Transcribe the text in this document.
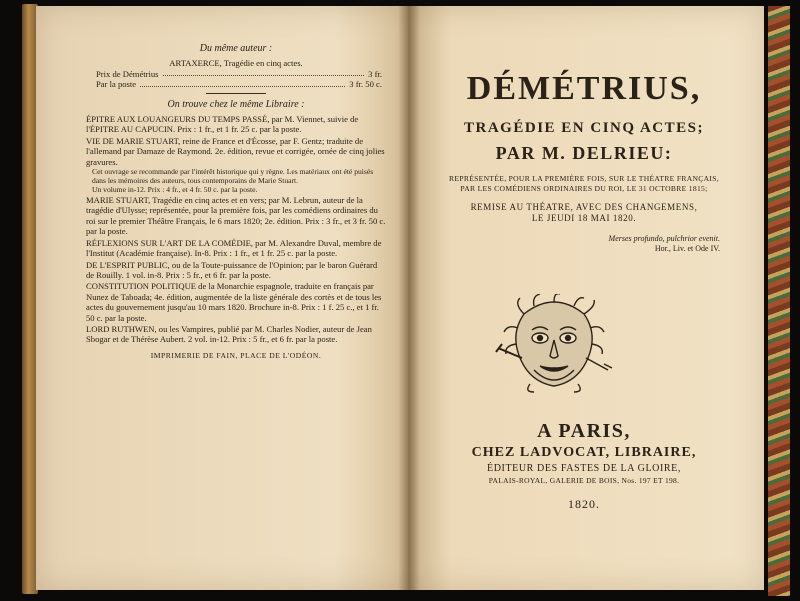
Du même auteur :
ARTAXERCE, Tragédie en cinq actes.
Prix de Démétrius	3 fr.
Par la poste	3 fr. 50 c.
On trouve chez le même Libraire :
ÉPITRE AUX LOUANGEURS DU TEMPS PASSÉ, par M. Viennet, suivie de l'ÉPITRE AU CAPUCIN. Prix : 1 fr., et 1 fr. 25 c. par la poste.
VIE DE MARIE STUART, reine de France et d'Écosse, par F. Gentz; traduite de l'allemand par Damaze de Raymond. 2e. édition, revue et corrigée, ornée de cinq jolies gravures.
Cet ouvrage se recommande par l'intérêt historique qui y règne. Les matériaux ont été puisés dans les mémoires des auteurs, tous contemporains de Marie Stuart.
Un volume in-12. Prix : 4 fr., et 4 fr. 50 c. par la poste.
MARIE STUART, Tragédie en cinq actes et en vers; par M. Lebrun, auteur de la tragédie d'Ulysse; représentée, pour la première fois, par les comédiens ordinaires du roi sur le premier Théâtre Français, le 6 mars 1820; 2e. édition. Prix : 3 fr., et 3 fr. 50 c. par la poste.
RÉFLEXIONS SUR L'ART DE LA COMÉDIE, par M. Alexandre Duval, membre de l'Institut (Académie française). In-8. Prix : 1 fr., et 1 fr. 25 c. par la poste.
DE L'ESPRIT PUBLIC, ou de la Toute-puissance de l'Opinion; par le baron Guérard de Rouilly. 1 vol. in-8. Prix : 5 fr., et 6 fr. par la poste.
CONSTITUTION POLITIQUE de la Monarchie espagnole, traduite en français par Nunez de Taboada; 4e. édition, augmentée de la liste générale des cortès et de tous les actes du gouvernement jusqu'au 10 mars 1820. Brochure in-8. Prix : 1 f. 25 c., et 1 fr. 50 c. par la poste.
LORD RUTHWEN, ou les Vampires, publié par M. Charles Nodier, auteur de Jean Sbogar et de Thérèse Aubert. 2 vol. in-12. Prix : 5 fr., et 6 fr. par la poste.
IMPRIMERIE DE FAIN, PLACE DE L'ODÉON.
DÉMÉTRIUS,
TRAGÉDIE EN CINQ ACTES;
PAR M. DELRIEU:
REPRÉSENTÉE, POUR LA PREMIÈRE FOIS, SUR LE THÉATRE FRANÇAIS,
PAR LES COMÉDIENS ORDINAIRES DU ROI, LE 31 OCTOBRE 1815;
REMISE AU THÉATRE, AVEC DES CHANGEMENS,
LE JEUDI 18 MAI 1820.
Merses profundo, pulchrior evenit.
Hor., Liv. et Ode IV.
A PARIS,
CHEZ LADVOCAT, LIBRAIRE,
ÉDITEUR DES FASTES DE LA GLOIRE,
PALAIS-ROYAL, GALERIE DE BOIS, Nos. 197 ET 198.
1820.
